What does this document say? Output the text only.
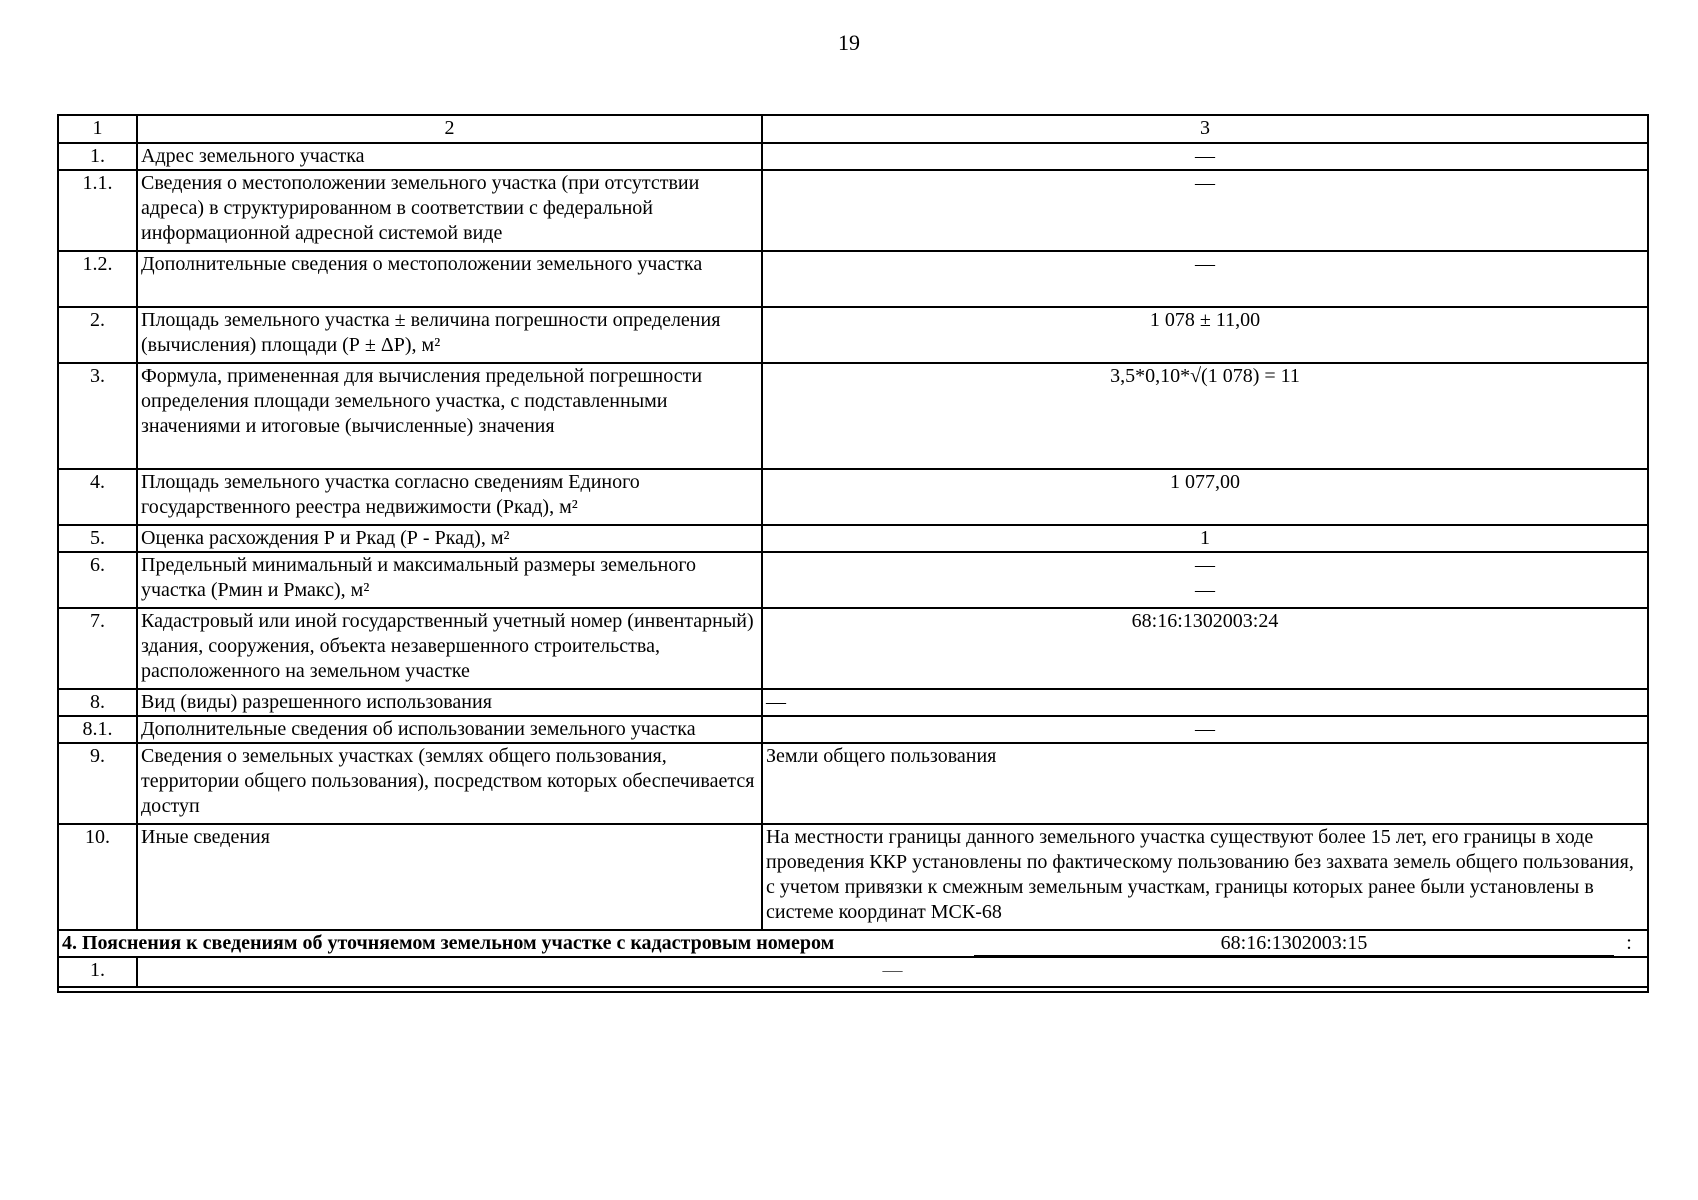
19
1	2	3
1.	Адрес земельного участка	—
1.1.	Сведения о местоположении земельного участка (при отсутствии адреса) в структурированном в соответствии с федеральной информационной адресной системой виде	—
1.2.	Дополнительные сведения о местоположении земельного участка	—
2.	Площадь земельного участка ± величина погрешности определения (вычисления) площади (Р ± ΔР), м²	1 078 ± 11,00
3.	Формула, примененная для вычисления предельной погрешности определения площади земельного участка, с подставленными значениями и итоговые (вычисленные) значения	3,5*0,10*√(1 078) = 11
4.	Площадь земельного участка согласно сведениям Единого государственного реестра недвижимости (Ркад), м²	1 077,00
5.	Оценка расхождения Р и Ркад (Р - Ркад), м²	1
6.	Предельный минимальный и максимальный размеры земельного участка (Рмин и Рмакс), м²	—
—

7.	Кадастровый или иной государственный учетный номер (инвентарный) здания, сооружения, объекта незавершенного строительства, расположенного на земельном участке	68:16:1302003:24
8.	Вид (виды) разрешенного использования	—
8.1.	Дополнительные сведения об использовании земельного участка	—
9.	Сведения о земельных участках (землях общего пользования, территории общего пользования), посредством которых обеспечивается доступ	Земли общего пользования
10.	Иные сведения	На местности границы данного земельного участка существуют более 15 лет, его границы в ходе проведения ККР установлены по фактическому пользованию без захвата земель общего пользования, с учетом привязки к смежным земельным участкам, границы которых ранее были установлены в системе координат МСК-68

4. Пояснения к сведениям об уточняемом земельном участке с кадастровым номером 68:16:1302003:15 :		

1.	—	
